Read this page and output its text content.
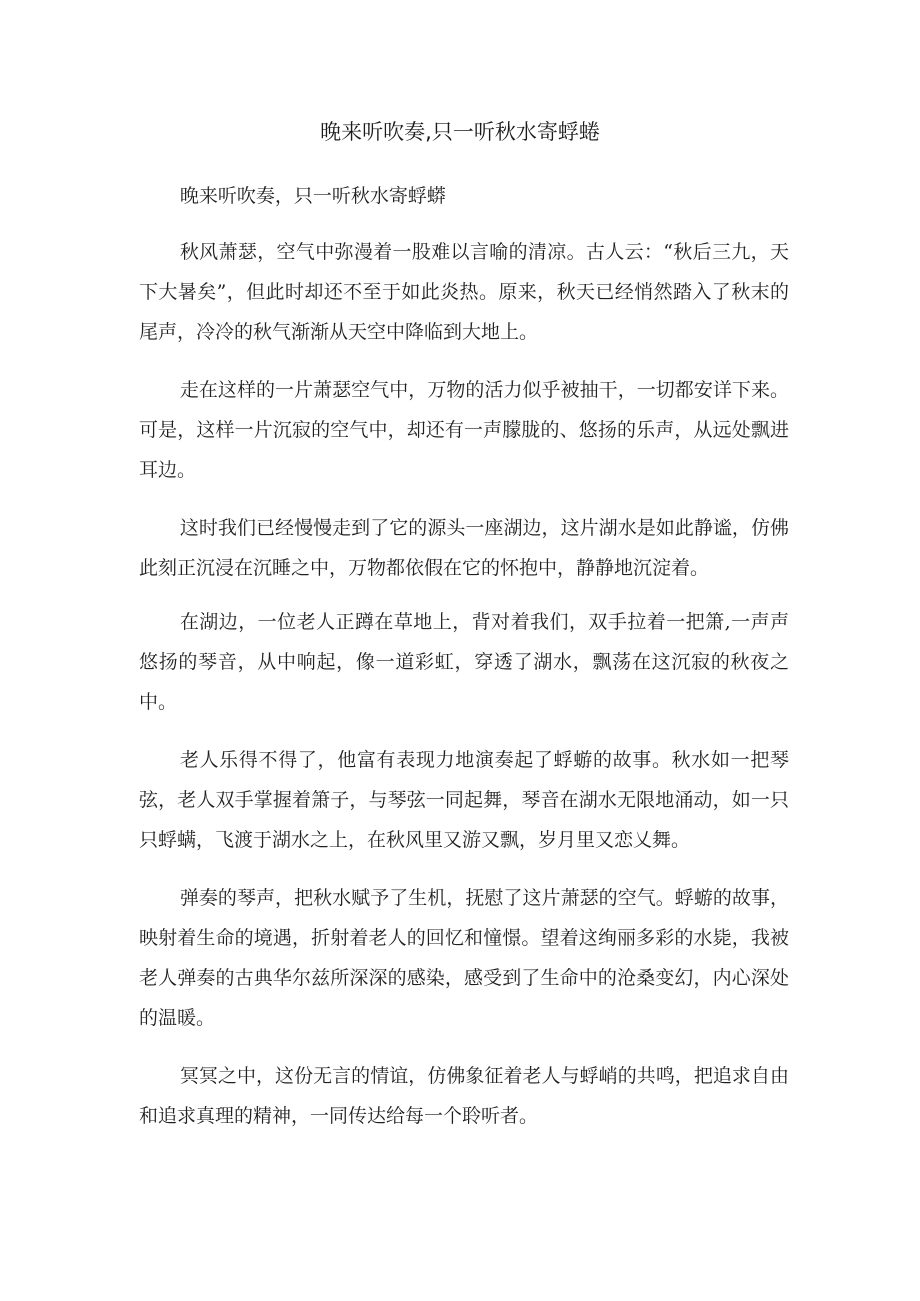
晚来听吹奏,只一听秋水寄蜉蜷

晚来听吹奏，只一听秋水寄蜉蟒

秋风萧瑟，空气中弥漫着一股难以言喻的清凉。古人云：“秋后三九，天下大暑矣”，但此时却还不至于如此炎热。原来，秋天已经悄然踏入了秋末的尾声，冷冷的秋气渐渐从天空中降临到大地上。

走在这样的一片萧瑟空气中，万物的活力似乎被抽干，一切都安详下来。可是，这样一片沉寂的空气中，却还有一声朦胧的、悠扬的乐声，从远处飘进耳边。

这时我们已经慢慢走到了它的源头一座湖边，这片湖水是如此静谧，仿佛此刻正沉浸在沉睡之中，万物都依假在它的怀抱中，静静地沉淀着。

在湖边，一位老人正蹲在草地上，背对着我们，双手拉着一把箫,一声声悠扬的琴音，从中响起，像一道彩虹，穿透了湖水，飘荡在这沉寂的秋夜之中。

老人乐得不得了，他富有表现力地演奏起了蜉蝣的故事。秋水如一把琴弦，老人双手掌握着箫子，与琴弦一同起舞，琴音在湖水无限地涌动，如一只只蜉螨，飞渡于湖水之上，在秋风里又游又飘，岁月里又恋乂舞。

弹奏的琴声，把秋水赋予了生机，抚慰了这片萧瑟的空气。蜉蝣的故事，映射着生命的境遇，折射着老人的回忆和憧憬。望着这绚丽多彩的水毙，我被老人弹奏的古典华尔兹所深深的感染，感受到了生命中的沧桑变幻，内心深处的温暖。

冥冥之中，这份无言的情谊，仿佛象征着老人与蜉峭的共鸣，把追求自由和追求真理的精神，一同传达给每一个聆听者。
